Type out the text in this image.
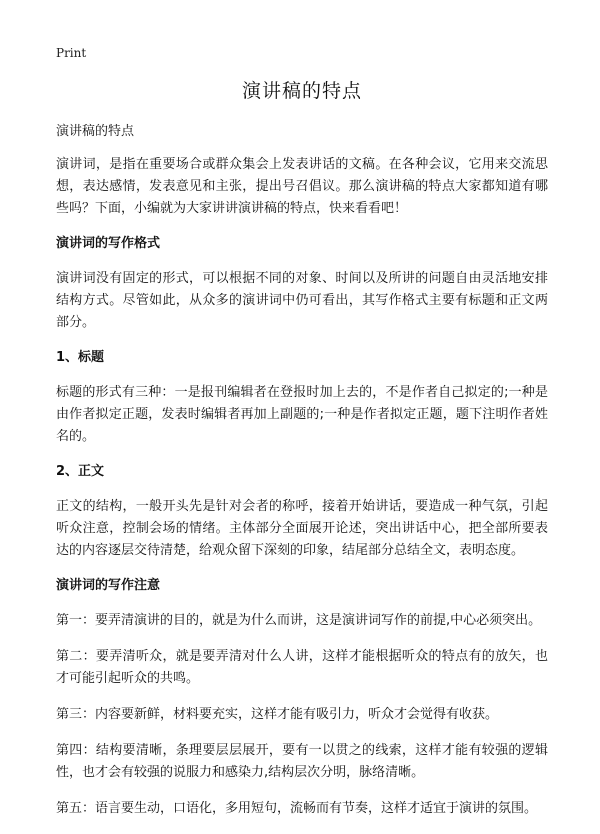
Print
演讲稿的特点
演讲稿的特点
演讲词，是指在重要场合或群众集会上发表讲话的文稿。在各种会议，它用来交流思想，表达感情，发表意见和主张，提出号召倡议。那么演讲稿的特点大家都知道有哪些吗？下面，小编就为大家讲讲演讲稿的特点，快来看看吧！
演讲词的写作格式
演讲词没有固定的形式，可以根据不同的对象、时间以及所讲的问题自由灵活地安排结构方式。尽管如此，从众多的演讲词中仍可看出，其写作格式主要有标题和正文两部分。
1、标题
标题的形式有三种：一是报刊编辑者在登报时加上去的，不是作者自己拟定的;一种是由作者拟定正题，发表时编辑者再加上副题的;一种是作者拟定正题，题下注明作者姓名的。
2、正文
正文的结构，一般开头先是针对会者的称呼，接着开始讲话，要造成一种气氛，引起听众注意，控制会场的情绪。主体部分全面展开论述，突出讲话中心，把全部所要表达的内容逐层交待清楚，给观众留下深刻的印象，结尾部分总结全文，表明态度。
演讲词的写作注意
第一：要弄清演讲的目的，就是为什么而讲，这是演讲词写作的前提,中心必须突出。
第二：要弄清听众，就是要弄清对什么人讲，这样才能根据听众的特点有的放矢，也才可能引起听众的共鸣。
第三：内容要新鲜，材料要充实，这样才能有吸引力，听众才会觉得有收获。
第四：结构要清晰，条理要层层展开，要有一以贯之的线索，这样才能有较强的逻辑性，也才会有较强的说服力和感染力,结构层次分明，脉络清晰。
第五：语言要生动，口语化，多用短句，流畅而有节奏，这样才适宜于演讲的氛围。
